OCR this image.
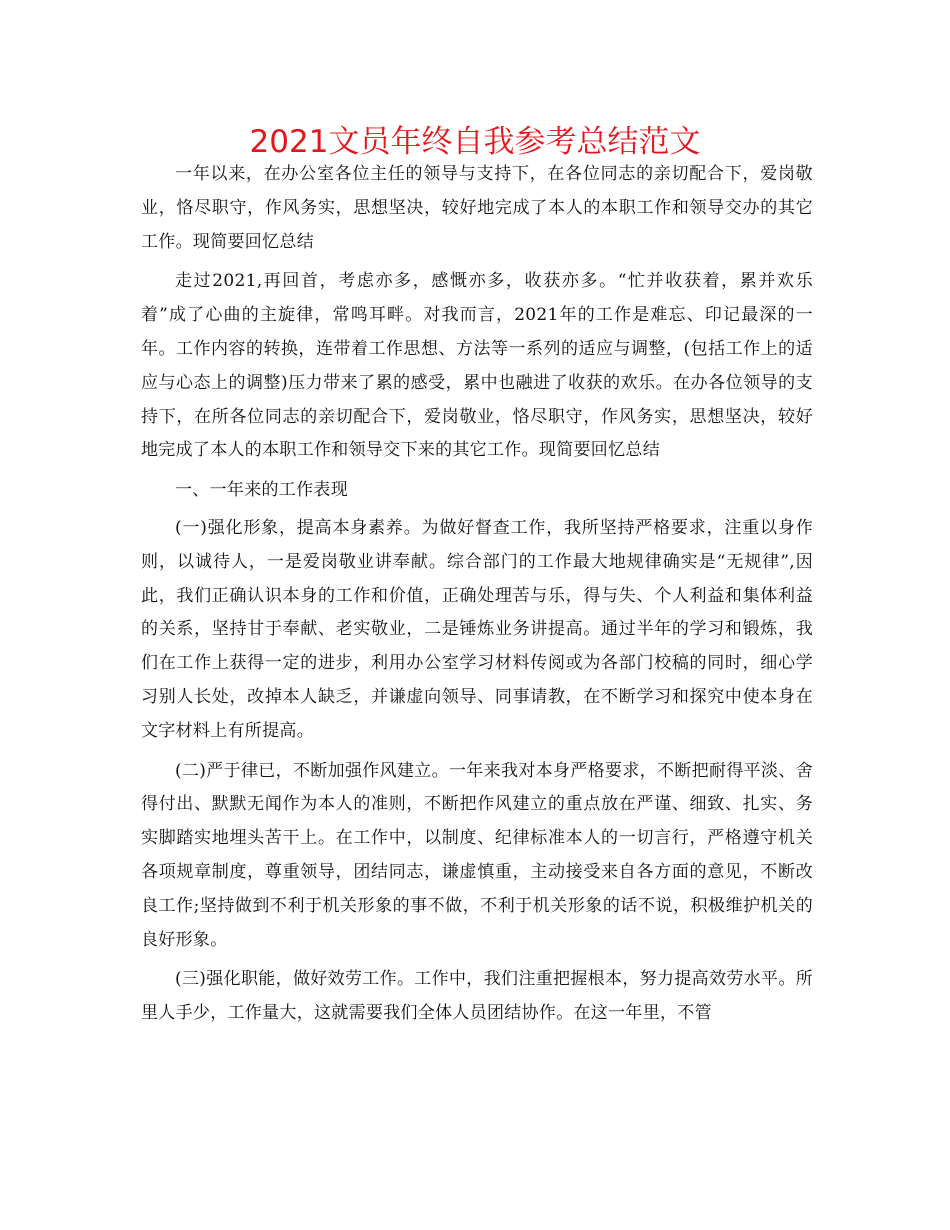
2021文员年终自我参考总结范文

一年以来，在办公室各位主任的领导与支持下，在各位同志的亲切配合下，爱岗敬业，恪尽职守，作风务实，思想坚决，较好地完成了本人的本职工作和领导交办的其它工作。现简要回忆总结

走过2021,再回首，考虑亦多，感慨亦多，收获亦多。“忙并收获着，累并欢乐着”成了心曲的主旋律，常鸣耳畔。对我而言，2021年的工作是难忘、印记最深的一年。工作内容的转换，连带着工作思想、方法等一系列的适应与调整，(包括工作上的适应与心态上的调整)压力带来了累的感受，累中也融进了收获的欢乐。在办各位领导的支持下，在所各位同志的亲切配合下，爱岗敬业，恪尽职守，作风务实，思想坚决，较好地完成了本人的本职工作和领导交下来的其它工作。现简要回忆总结

一、一年来的工作表现

(一)强化形象，提高本身素养。为做好督查工作，我所坚持严格要求，注重以身作则，以诚待人，一是爱岗敬业讲奉献。综合部门的工作最大地规律确实是“无规律”,因此，我们正确认识本身的工作和价值，正确处理苦与乐，得与失、个人利益和集体利益的关系，坚持甘于奉献、老实敬业，二是锤炼业务讲提高。通过半年的学习和锻炼，我们在工作上获得一定的进步，利用办公室学习材料传阅或为各部门校稿的同时，细心学习别人长处，改掉本人缺乏，并谦虚向领导、同事请教，在不断学习和探究中使本身在文字材料上有所提高。

(二)严于律已，不断加强作风建立。一年来我对本身严格要求，不断把耐得平淡、舍得付出、默默无闻作为本人的准则，不断把作风建立的重点放在严谨、细致、扎实、务实脚踏实地埋头苦干上。在工作中，以制度、纪律标准本人的一切言行，严格遵守机关各项规章制度，尊重领导，团结同志，谦虚慎重，主动接受来自各方面的意见，不断改良工作;坚持做到不利于机关形象的事不做，不利于机关形象的话不说，积极维护机关的良好形象。

(三)强化职能，做好效劳工作。工作中，我们注重把握根本，努力提高效劳水平。所里人手少，工作量大，这就需要我们全体人员团结协作。在这一年里，不管
